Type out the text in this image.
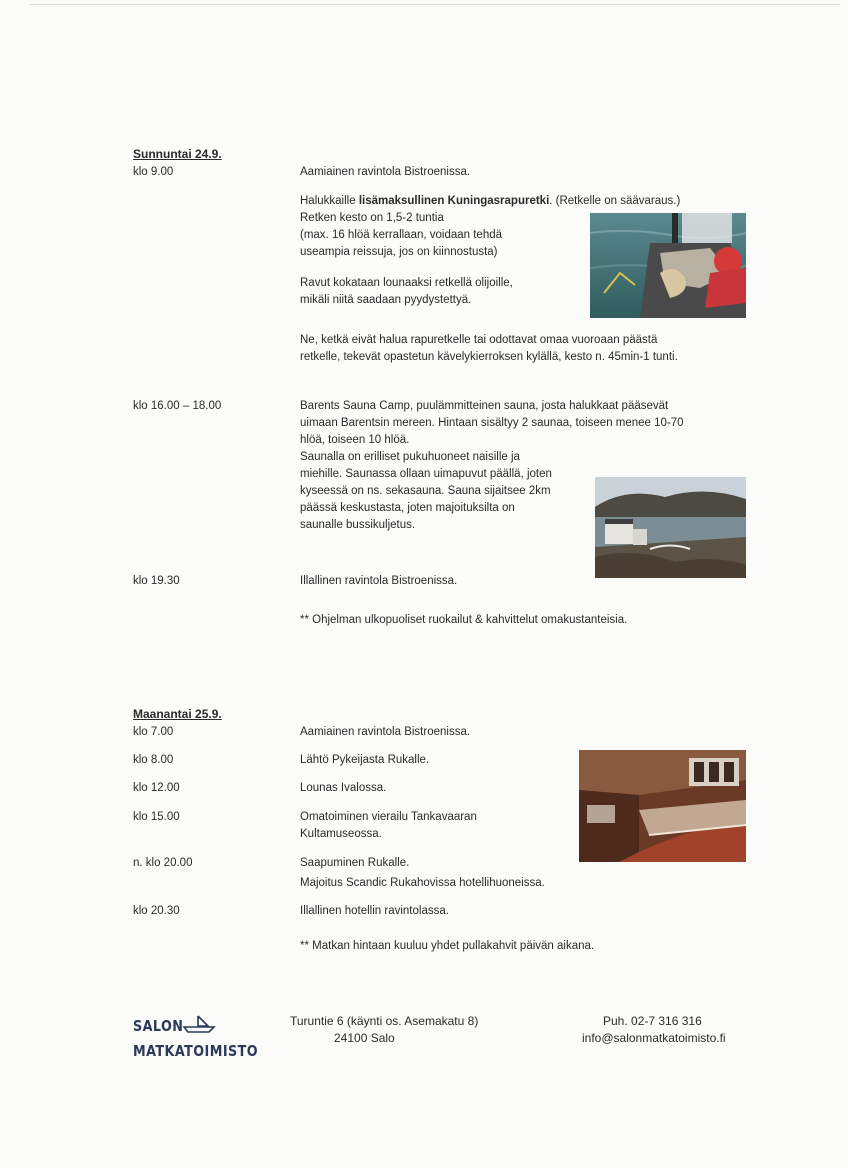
Sunnuntai 24.9.
klo 9.00	Aamiainen ravintola Bistroenissa.
Halukkaille lisämaksullinen Kuningasrapuretki. (Retkelle on säävaraus.)
Retken kesto on 1,5-2 tuntia
(max. 16 hlöä kerrallaan, voidaan tehdä
useampia reissuja, jos on kiinnostusta)
Ravut kokataan lounaaksi retkellä olijoille,
mikäli niitä saadaan pyydystettyä.
Ne, ketkä eivät halua rapuretkelle tai odottavat omaa vuoroaan päästä
retkelle, tekevät opastetun kävelykierroksen kylällä, kesto n. 45min-1 tunti.
klo 16.00 – 18.00	Barents Sauna Camp, puulämmitteinen sauna, josta halukkaat pääsevät
uimaan Barentsin mereen. Hintaan sisältyy 2 saunaa, toiseen menee 10-70
hlöä, toiseen 10 hlöä.
Saunalla on erilliset pukuhuoneet naisille ja
miehille. Saunassa ollaan uimapuvut päällä, joten
kyseessä on ns. sekasauna. Sauna sijaitsee 2km
päässä keskustasta, joten majoituksilta on
saunalle bussikuljetus.
klo 19.30	Illallinen ravintola Bistroenissa.
** Ohjelman ulkopuoliset ruokailut & kahvittelut omakustanteisia.
Maanantai 25.9.
klo 7.00	Aamiainen ravintola Bistroenissa.
klo 8.00	Lähtö Pykeijasta Rukalle.
klo 12.00	Lounas Ivalossa.
klo 15.00	Omatoiminen vierailu Tankavaaran
Kultamuseossa.
n. klo 20.00	Saapuminen Rukalle.
Majoitus Scandic Rukahovissa hotellihuoneissa.
klo 20.30	Illallinen hotellin ravintolassa.
** Matkan hintaan kuuluu yhdet pullakahvit päivän aikana.
SALON
MATKATOIMISTO
Turuntie 6 (käynti os. Asemakatu 8)
24100 Salo
Puh. 02-7 316 316
info@salonmatkatoimisto.fi
